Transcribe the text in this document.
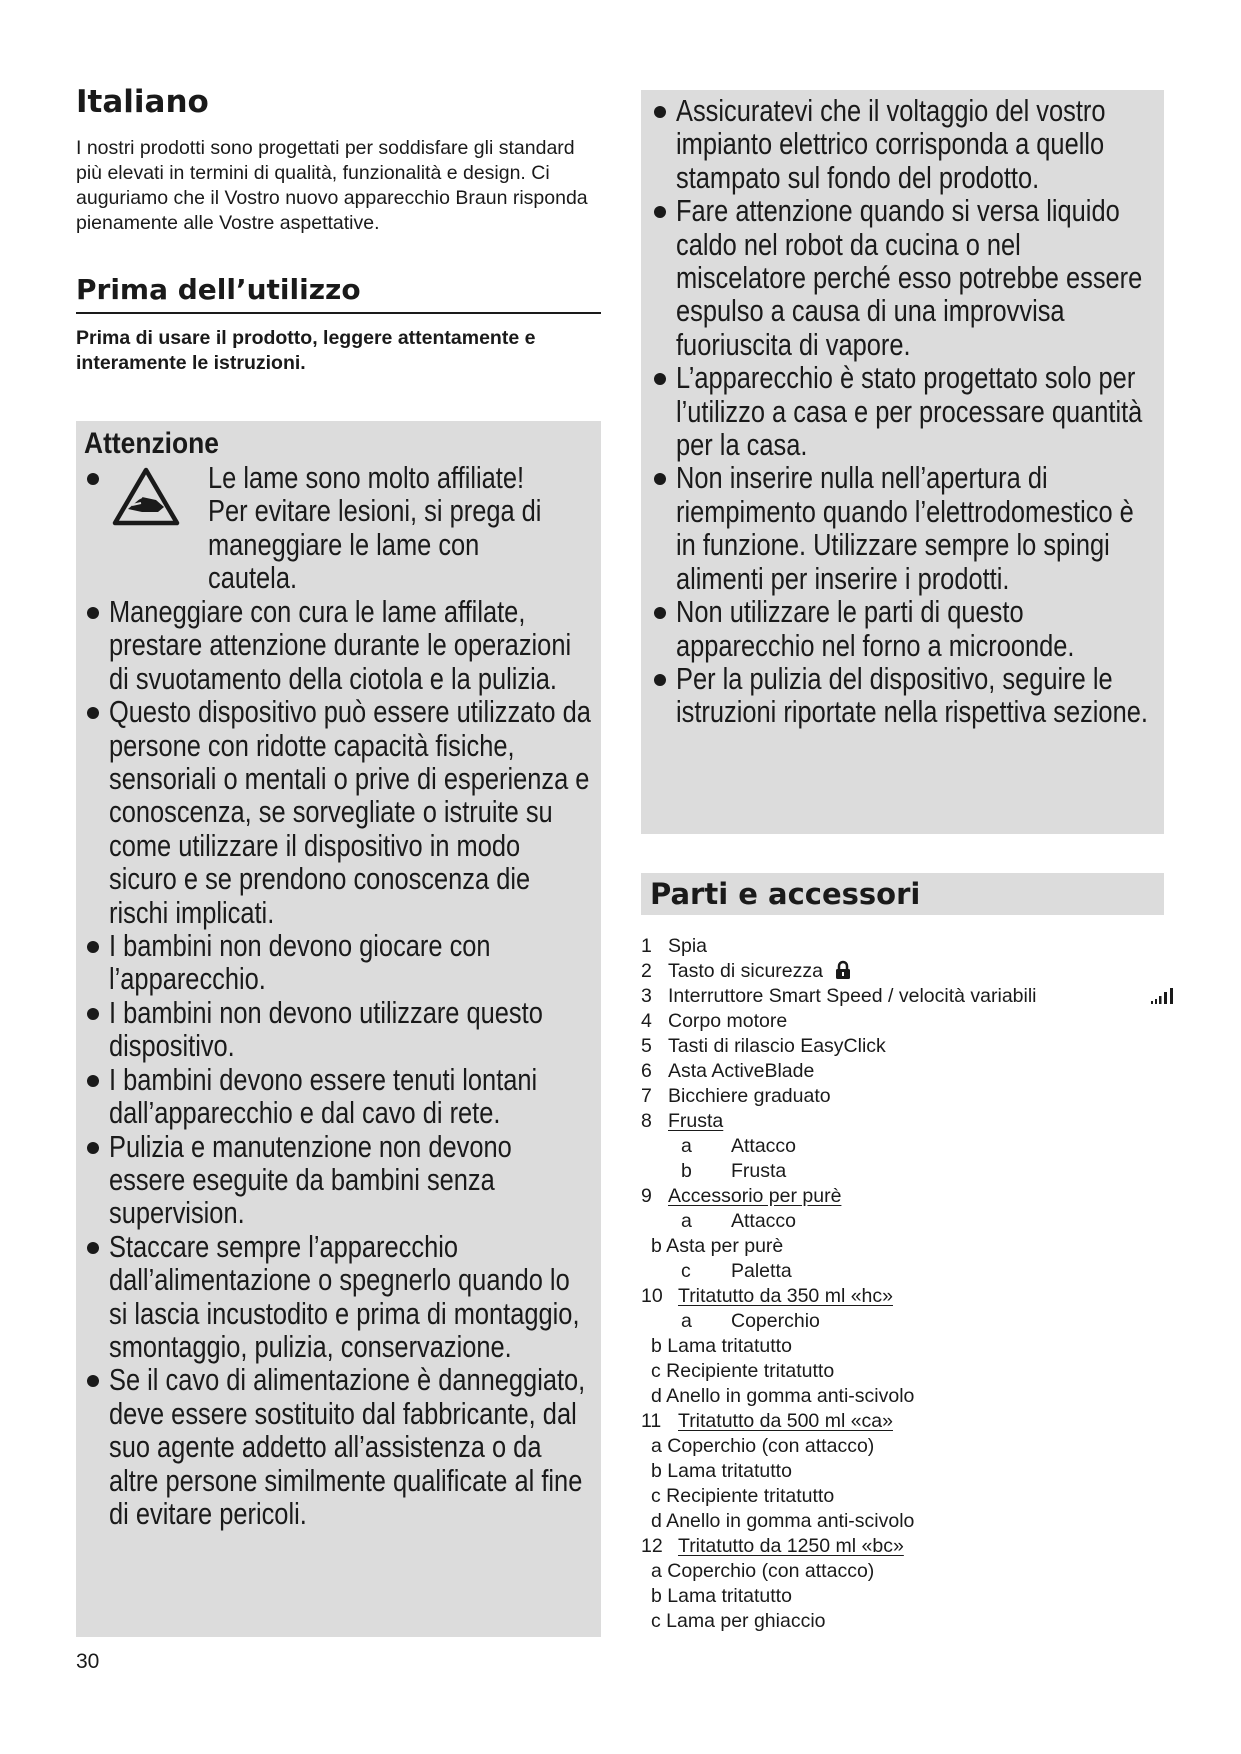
Italiano

I nostri prodotti sono progettati per soddisfare gli standard più elevati in termini di qualità, funzionalità e design. Ci auguriamo che il Vostro nuovo apparecchio Braun risponda pienamente alle Vostre aspettative.

Prima dell’utilizzo

Prima di usare il prodotto, leggere attentamente e interamente le istruzioni.

Attenzione
Le lame sono molto affiliate! Per evitare lesioni, si prega di maneggiare le lame con cautela.
Maneggiare con cura le lame affilate, prestare attenzione durante le operazioni di svuotamento della ciotola e la pulizia.
Questo dispositivo può essere utilizzato da persone con ridotte capacità fisiche, sensoriali o mentali o prive di esperienza e conoscenza, se sorvegliate o istruite su come utilizzare il dispositivo in modo sicuro e se prendono conoscenza die rischi implicati.
I bambini non devono giocare con l’apparecchio.
I bambini non devono utilizzare questo dispositivo.
I bambini devono essere tenuti lontani dall’apparecchio e dal cavo di rete.
Pulizia e manutenzione non devono essere eseguite da bambini senza supervision.
Staccare sempre l’apparecchio dall’alimentazione o spegnerlo quando lo si lascia incustodito e prima di montaggio, smontaggio, pulizia, conservazione.
Se il cavo di alimentazione è danneggiato, deve essere sostituito dal fabbricante, dal suo agente addetto all’assistenza o da altre persone similmente qualificate al fine di evitare pericoli.
Assicuratevi che il voltaggio del vostro impianto elettrico corrisponda a quello stampato sul fondo del prodotto.
Fare attenzione quando si versa liquido caldo nel robot da cucina o nel miscelatore perché esso potrebbe essere espulso a causa di una improvvisa fuoriuscita di vapore.
L’apparecchio è stato progettato solo per l’utilizzo a casa e per processare quantità per la casa.
Non inserire nulla nell’apertura di riempimento quando l’elettrodomestico è in funzione. Utilizzare sempre lo spingi alimenti per inserire i prodotti.
Non utilizzare le parti di questo apparecchio nel forno a microonde.
Per la pulizia del dispositivo, seguire le istruzioni riportate nella rispettiva sezione.
Parti e accessori
1 Spia
2 Tasto di sicurezza
3 Interruttore Smart Speed / velocità variabili
4 Corpo motore
5 Tasti di rilascio EasyClick
6 Asta ActiveBlade
7 Bicchiere graduato
8 Frusta
a Attacco
b Frusta
9 Accessorio per purè
a Attacco
b Asta per purè
c Paletta
10 Tritatutto da 350 ml «hc»
a Coperchio
b Lama tritatutto
c Recipiente tritatutto
d Anello in gomma anti-scivolo
11 Tritatutto da 500 ml «ca»
a Coperchio (con attacco)
b Lama tritatutto
c Recipiente tritatutto
d Anello in gomma anti-scivolo
12 Tritatutto da 1250 ml «bc»
a Coperchio (con attacco)
b Lama tritatutto
c Lama per ghiaccio
30
